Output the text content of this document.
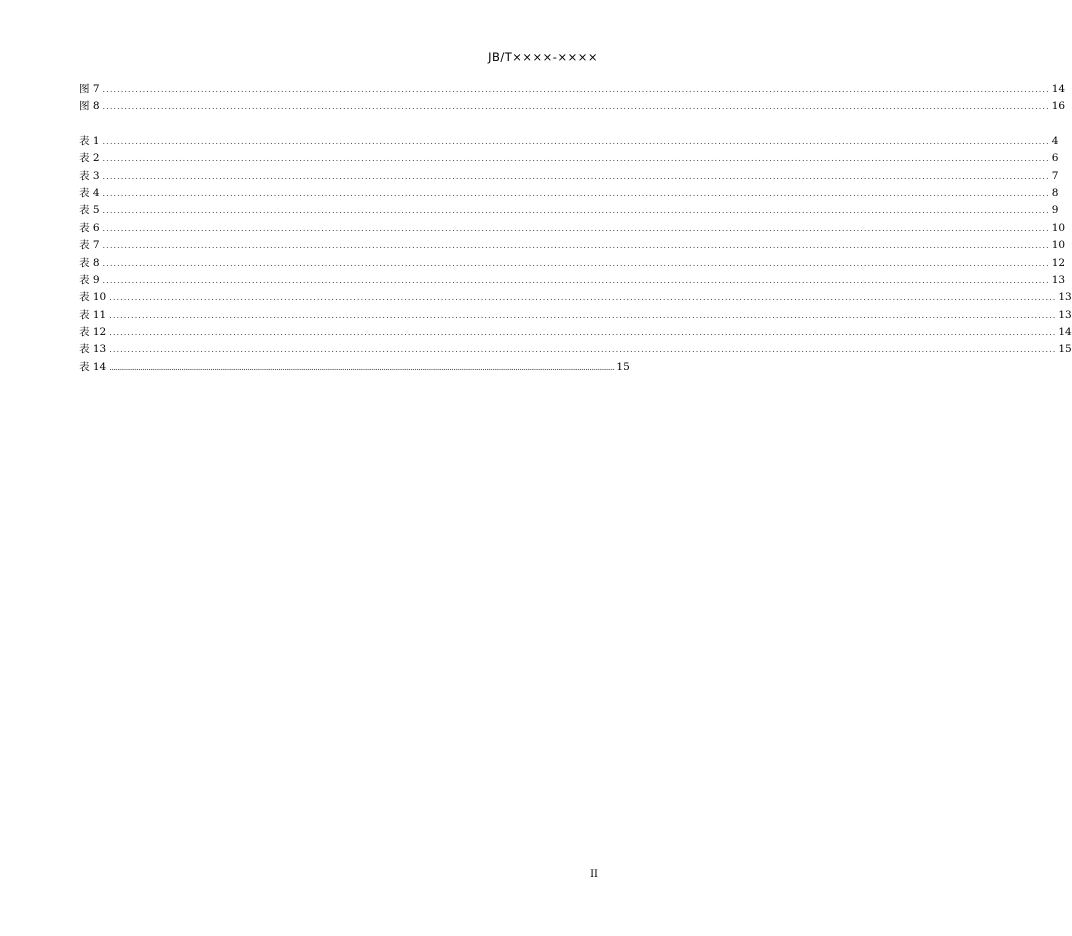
JB/T××××-××××
图 7 .................................................................................................................................................................................................................................................................... 14
图 8 .................................................................................................................................................................................................................................................................... 16
表 1 .................................................................................................................................................................................................................................................................... 4
表 2 .................................................................................................................................................................................................................................................................... 6
表 3 .................................................................................................................................................................................................................................................................... 7
表 4 .................................................................................................................................................................................................................................................................... 8
表 5 .................................................................................................................................................................................................................................................................... 9
表 6 .................................................................................................................................................................................................................................................................... 10
表 7 .................................................................................................................................................................................................................................................................... 10
表 8 .................................................................................................................................................................................................................................................................... 12
表 9 .................................................................................................................................................................................................................................................................... 13
表 10 .................................................................................................................................................................................................................................................................... 13
表 11 .................................................................................................................................................................................................................................................................... 13
表 12 .................................................................................................................................................................................................................................................................... 14
表 13 .................................................................................................................................................................................................................................................................... 15
表 14 .................................................................................................................................................................................................................................................................... 15
II
